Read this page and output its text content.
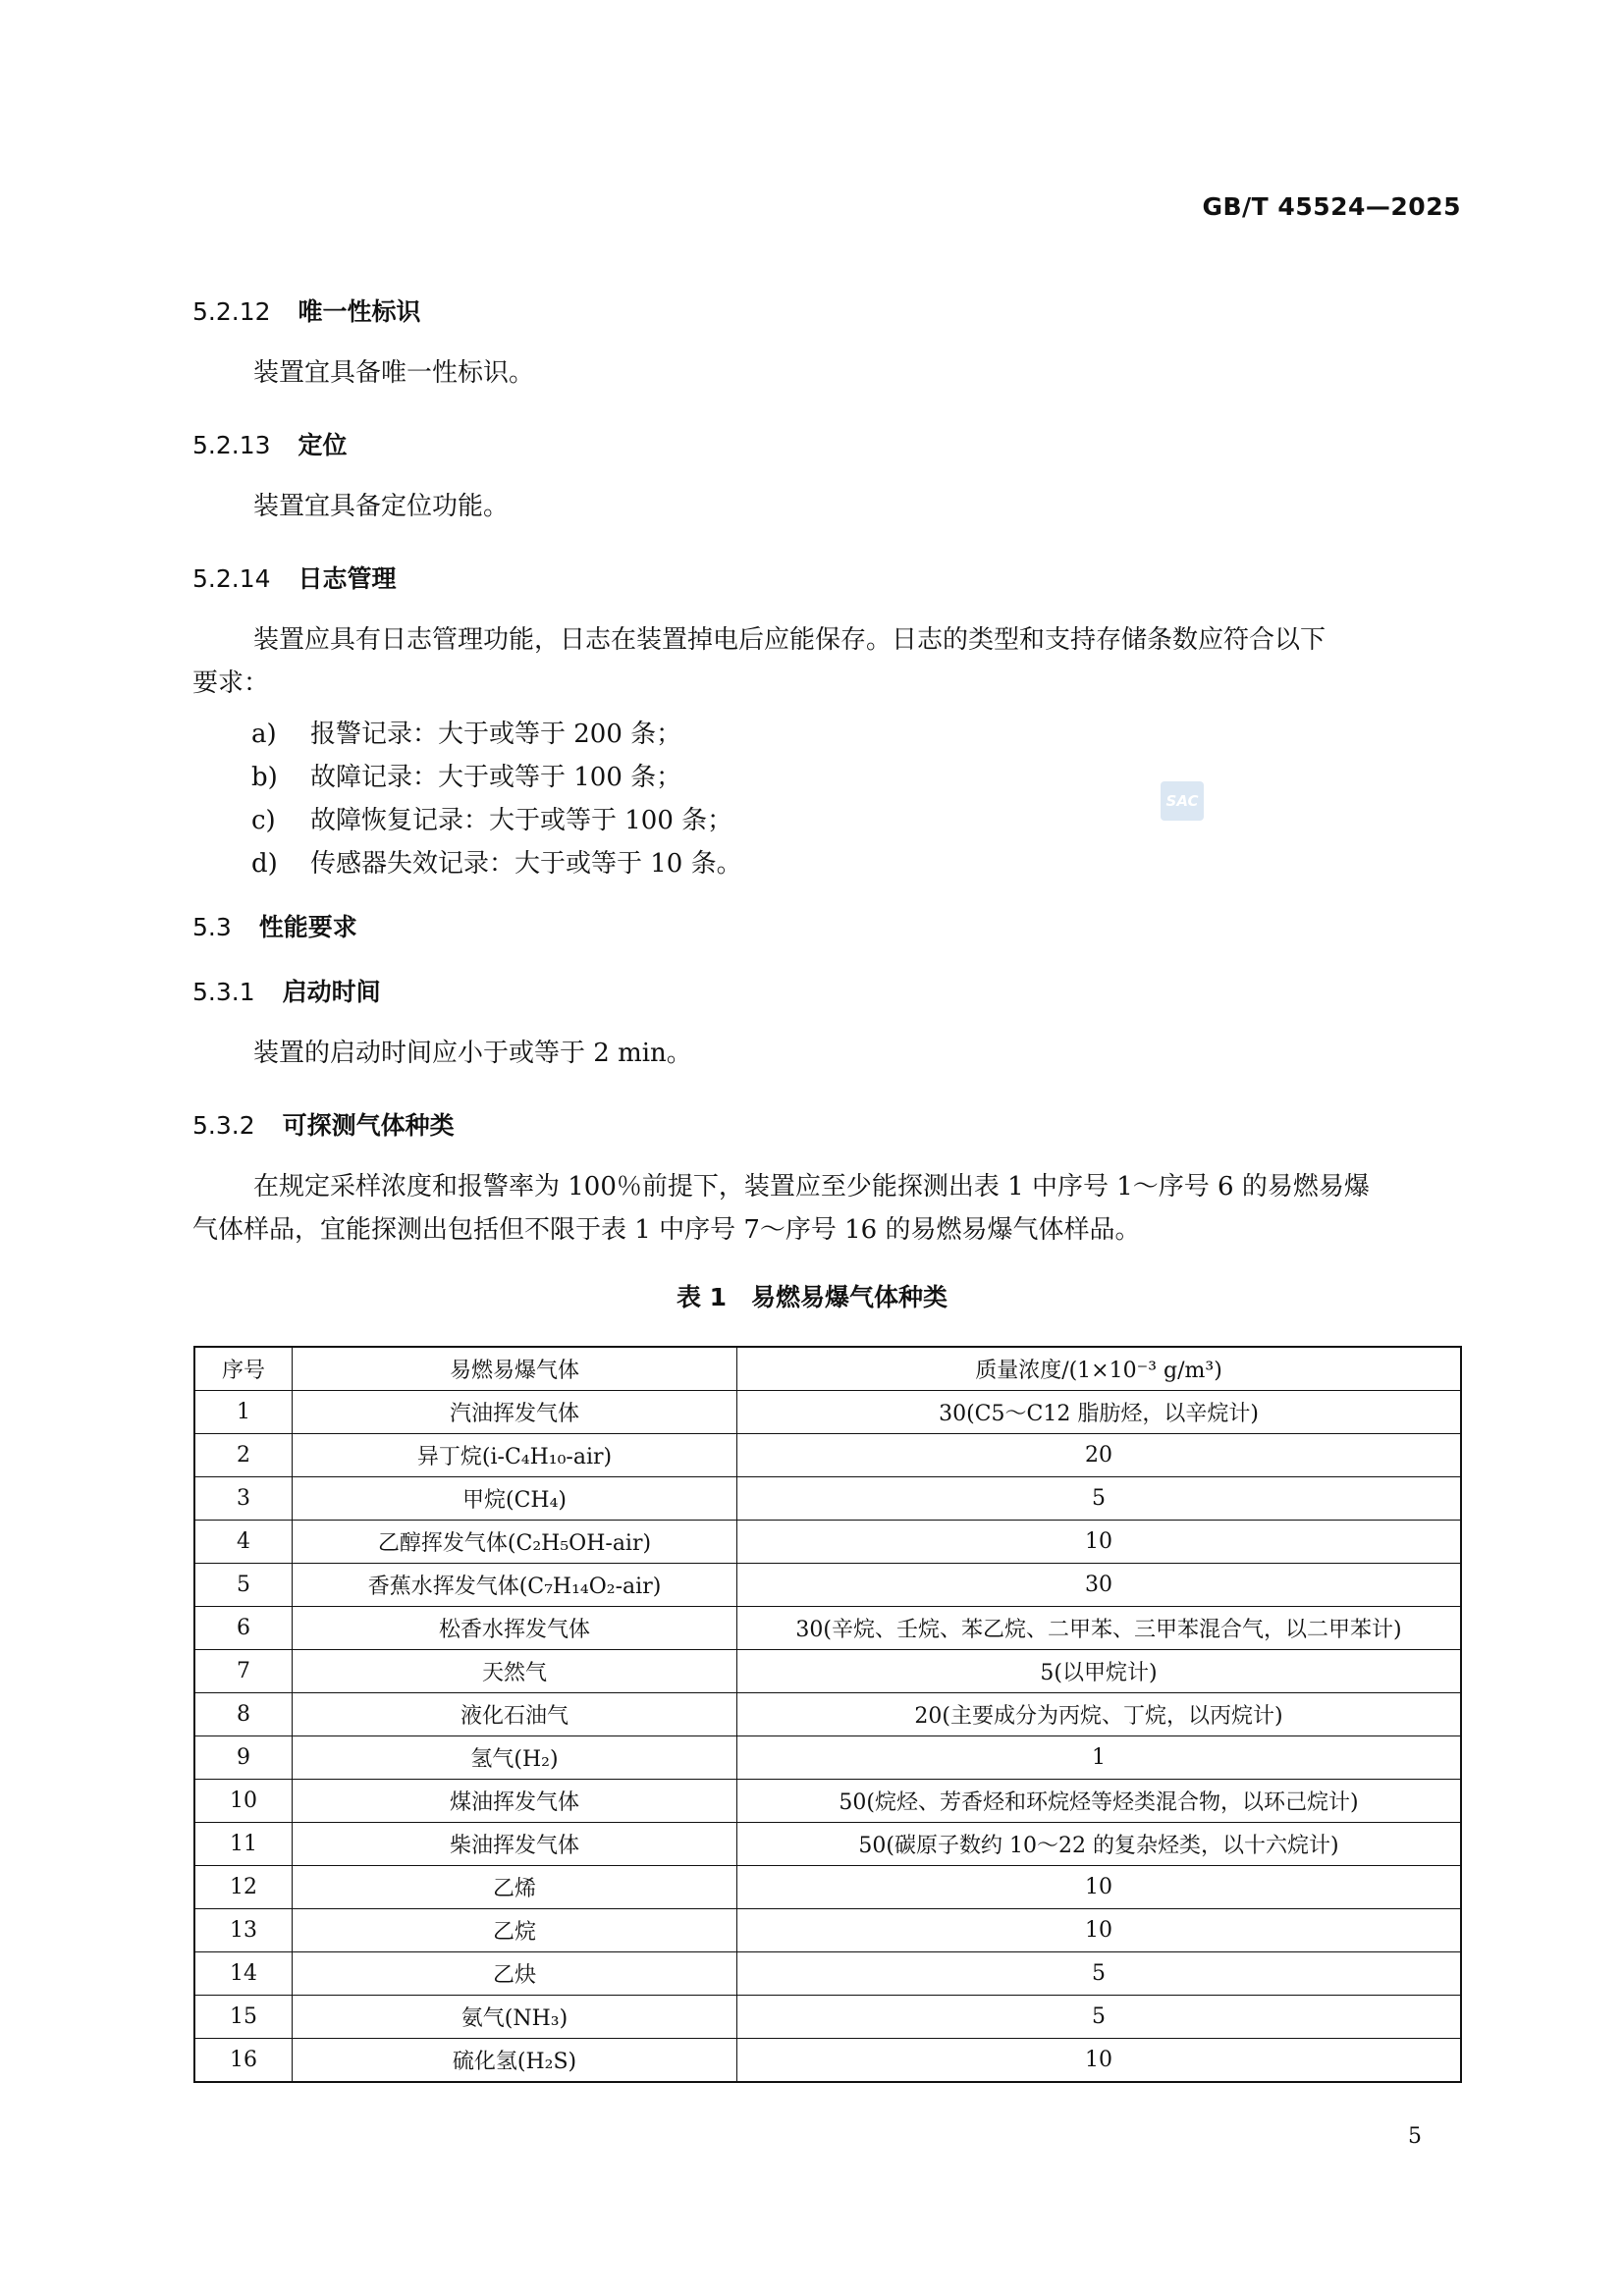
GB/T 45524—2025
5.2.12 唯一性标识
装置宜具备唯一性标识。
5.2.13 定位
装置宜具备定位功能。
5.2.14 日志管理
装置应具有日志管理功能，日志在装置掉电后应能保存。日志的类型和支持存储条数应符合以下
要求：
a) 报警记录：大于或等于 200 条；
b) 故障记录：大于或等于 100 条；
c) 故障恢复记录：大于或等于 100 条；
d) 传感器失效记录：大于或等于 10 条。
SAC
5.3 性能要求
5.3.1 启动时间
装置的启动时间应小于或等于 2 min。
5.3.2 可探测气体种类
在规定采样浓度和报警率为 100％前提下，装置应至少能探测出表 1 中序号 1～序号 6 的易燃易爆
气体样品，宜能探测出包括但不限于表 1 中序号 7～序号 16 的易燃易爆气体样品。
表 1　易燃易爆气体种类
序号	易燃易爆气体	质量浓度/(1×10⁻³ g/m³)
1	汽油挥发气体	30(C5～C12 脂肪烃，以辛烷计)
2	异丁烷(i-C₄H₁₀-air)	20
3	甲烷(CH₄)	5
4	乙醇挥发气体(C₂H₅OH-air)	10
5	香蕉水挥发气体(C₇H₁₄O₂-air)	30
6	松香水挥发气体	30(辛烷、壬烷、苯乙烷、二甲苯、三甲苯混合气，以二甲苯计)
7	天然气	5(以甲烷计)
8	液化石油气	20(主要成分为丙烷、丁烷，以丙烷计)
9	氢气(H₂)	1
10	煤油挥发气体	50(烷烃、芳香烃和环烷烃等烃类混合物，以环己烷计)
11	柴油挥发气体	50(碳原子数约 10～22 的复杂烃类，以十六烷计)
12	乙烯	10
13	乙烷	10
14	乙炔	5
15	氨气(NH₃)	5
16	硫化氢(H₂S)	10
5
